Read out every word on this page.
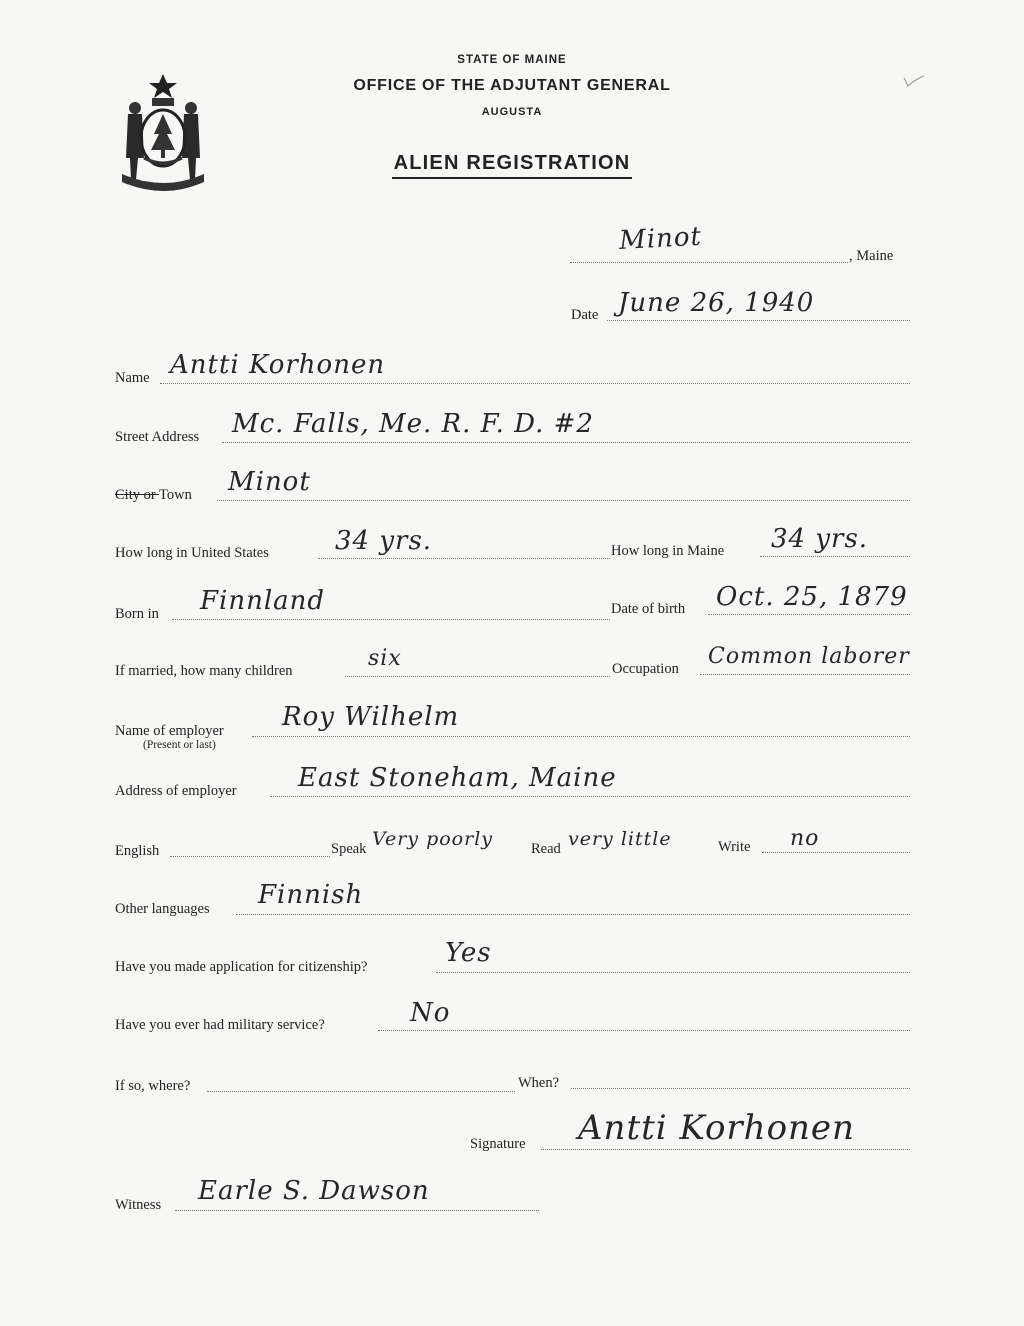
MAINE
STATE OF MAINE
OFFICE OF THE ADJUTANT GENERAL
AUGUSTA
ALIEN REGISTRATION
Minot	, Maine
Date June 26, 1940
Name Antti Korhonen
Street Address Mc. Falls, Me. R. F. D. #2
City or Town Minot
How long in United States	34 yrs.	How long in Maine 34 yrs.
Born in Finnland	Date of birth Oct. 25, 1879
If married, how many children	six	Occupation Common laborer
Name of employer
(Present or last)
Roy Wilhelm
Address of employer East Stoneham, Maine
English	Speak Very poorly	Read very little	Write no
Other languages Finnish
Have you made application for citizenship?	Yes
Have you ever had military service?	No
If so, where?	When?
Signature Antti Korhonen
Witness Earle S. Dawson
